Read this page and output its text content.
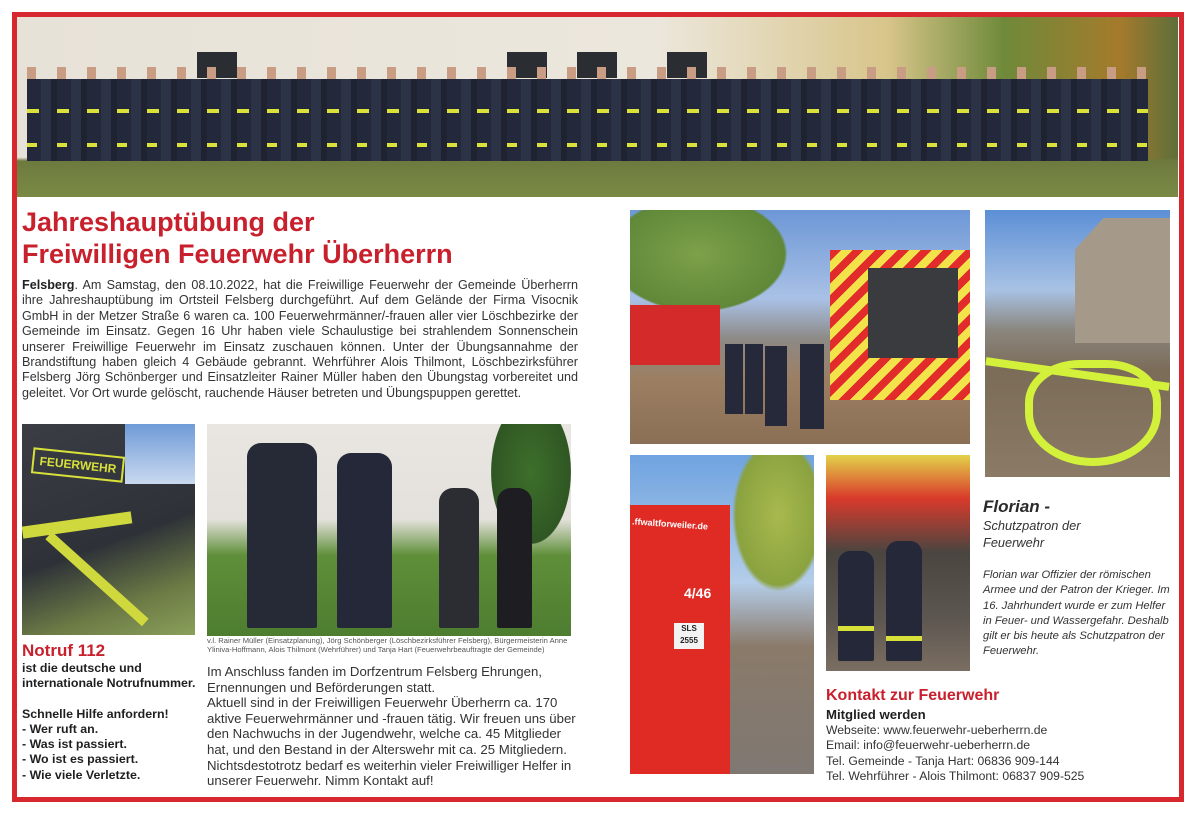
Jahreshauptübung der
Freiwilligen Feuerwehr Überherrn

Felsberg. Am Samstag, den 08.10.2022, hat die Freiwillige Feuerwehr der Gemeinde Überherrn ihre Jahreshauptübung im Ortsteil Felsberg durchgeführt. Auf dem Gelände der Firma Visocnik GmbH in der Metzer Straße 6 waren ca. 100 Feuerwehrmänner/-frauen aller vier Löschbezirke der Gemeinde im Einsatz. Gegen 16 Uhr haben viele Schaulustige bei strahlendem Sonnenschein unserer Freiwillige Feuerwehr im Einsatz zuschauen können. Unter der Übungsannahme der Brandstiftung haben gleich 4 Gebäude gebrannt. Wehrführer Alois Thilmont, Löschbezirksführer Felsberg Jörg Schönberger und Einsatzleiter Rainer Müller haben den Übungstag vorbereitet und geleitet. Vor Ort wurde gelöscht, rauchende Häuser betreten und Übungspuppen gerettet.

FEUERWEHR

v.l. Rainer Müller (Einsatzplanung), Jörg Schönberger (Löschbezirksführer Felsberg), Bürgermeisterin Anne Yliniva-Hoffmann, Alois Thilmont (Wehrführer) und Tanja Hart (Feuerwehrbeauftragte der Gemeinde)

Notruf 112
ist die deutsche und internationale Notrufnummer.
Schnelle Hilfe anfordern!
- Wer ruft an.
- Was ist passiert.
- Wo ist es passiert.
- Wie viele Verletzte.
Im Anschluss fanden im Dorfzentrum Felsberg Ehrungen, Ernennungen und Beförderungen statt.
Aktuell sind in der Freiwilligen Feuerwehr Überherrn ca. 170 aktive Feuerwehrmänner und -frauen tätig. Wir freuen uns über den Nachwuchs in der Jugendwehr, welche ca. 45 Mitglieder hat, und den Bestand in der Alterswehr mit ca. 25 Mitgliedern. Nichtsdestotrotz bedarf es weiterhin vieler Freiwilliger Helfer in unserer Feuerwehr. Nimm Kontakt auf!
.ffwaltforweiler.de
4/46
SLS
2555
Florian -
Schutzpatron der
Feuerwehr

Florian war Offizier der römischen Armee und der Patron der Krieger. Im 16. Jahrhundert wurde er zum Helfer in Feuer- und Wassergefahr. Deshalb gilt er bis heute als Schutzpatron der Feuerwehr.

Kontakt zur Feuerwehr
Mitglied werden
Webseite: www.feuerwehr-ueberherrn.de
Email: info@feuerwehr-ueberherrn.de
Tel. Gemeinde - Tanja Hart: 06836 909-144
Tel. Wehrführer - Alois Thilmont: 06837 909-525
